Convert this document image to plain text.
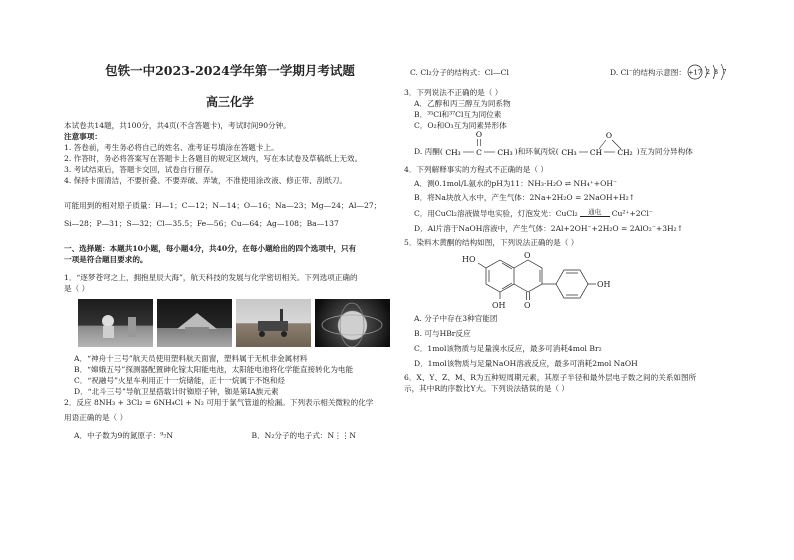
包铁一中2023-2024学年第一学期月考试题
高三化学
本试卷共14题，共100分，共4页(不含答题卡)，考试时间90分钟。
注意事项：
1. 答卷前，考生务必将自己的姓名、准考证号填涂在答题卡上。
2. 作答时，务必将答案写在答题卡上各题目的规定区域内，写在本试卷及草稿纸上无效。
3. 考试结束后，答题卡交回，试卷自行留存。
4. 保持卡面清洁，不要折叠、不要弄破、弄皱，不准使用涂改液、修正带、刮纸刀。
可能用到的相对原子质量：H—1；C—12；N—14；O—16；Na—23；Mg—24；Al—27；
Si—28；P—31；S—32；Cl—35.5；Fe—56；Cu—64；Ag—108；Ba—137
一、选择题：本题共10小题，每小题4分，共40分，在每小题给出的四个选项中，只有
一项是符合题目要求的。
1．“逐梦苍穹之上，拥抱星辰大海”，航天科技的发展与化学密切相关。下列选项正确的
是（ ）
A．“神舟十三号”航天员使用塑料航天面窗，塑料属于无机非金属材料
B．“嫦娥五号”探测器配置砷化镓太阳能电池，太阳能电池将化学能直接转化为电能
C．“祝融号”火星车利用正十一烷储能，正十一烷属于不饱和烃
D．“北斗三号”导航卫星搭载计时铷原子钟，铷是第ⅠA族元素
2．反应 8NH₃ + 3Cl₂ = 6NH₄Cl + N₂ 可用于氯气管道的检漏。下列表示相关微粒的化学
用语正确的是（ ）
A．中子数为9的氮原子：⁹₇N	B．N₂分子的电子式：N⋮⋮N
C. Cl₂分子的结构式：Cl—Cl	D. Cl⁻的结构示意图： +17 2 8 7
3．下列说法不正确的是（ ）
A．乙醇和丙三醇互为同系物
B．³⁵Cl和³⁷Cl互为同位素
C．O₂和O₃互为同素异形体
D. 丙酮(
O
CH₃ C CH₃ )和环氧丙烷(
O
CH₃ CH CH₂ )互为同分异构体
4．下列解释事实的方程式不正确的是（ ）
A．测0.1mol/L氨水的pH为11：NH₃·H₂O ⇌ NH₄⁺+OH⁻
B．将Na块放入水中，产生气体：2Na+2H₂O = 2NaOH+H₂↑
C．用CuCl₂溶液做导电实验，灯泡发光：CuCl₂ 通电 Cu²⁺+2Cl⁻
D．Al片溶于NaOH溶液中，产生气体：2Al+2OH⁻+2H₂O = 2AlO₂⁻+3H₂↑
5．染料木黄酮的结构如图，下列说法正确的是（ ）
HO	O
O
OH
OH
A. 分子中存在3种官能团
B. 可与HBr反应
C．1mol该物质与足量溴水反应，最多可消耗4mol Br₂
D．1mol该物质与足量NaOH溶液反应，最多可消耗2mol NaOH
6．X、Y、Z、M、R为五种短周期元素，其原子半径和最外层电子数之间的关系如图所
示，其中R的序数比Y大。下列说法错误的是（ ）
